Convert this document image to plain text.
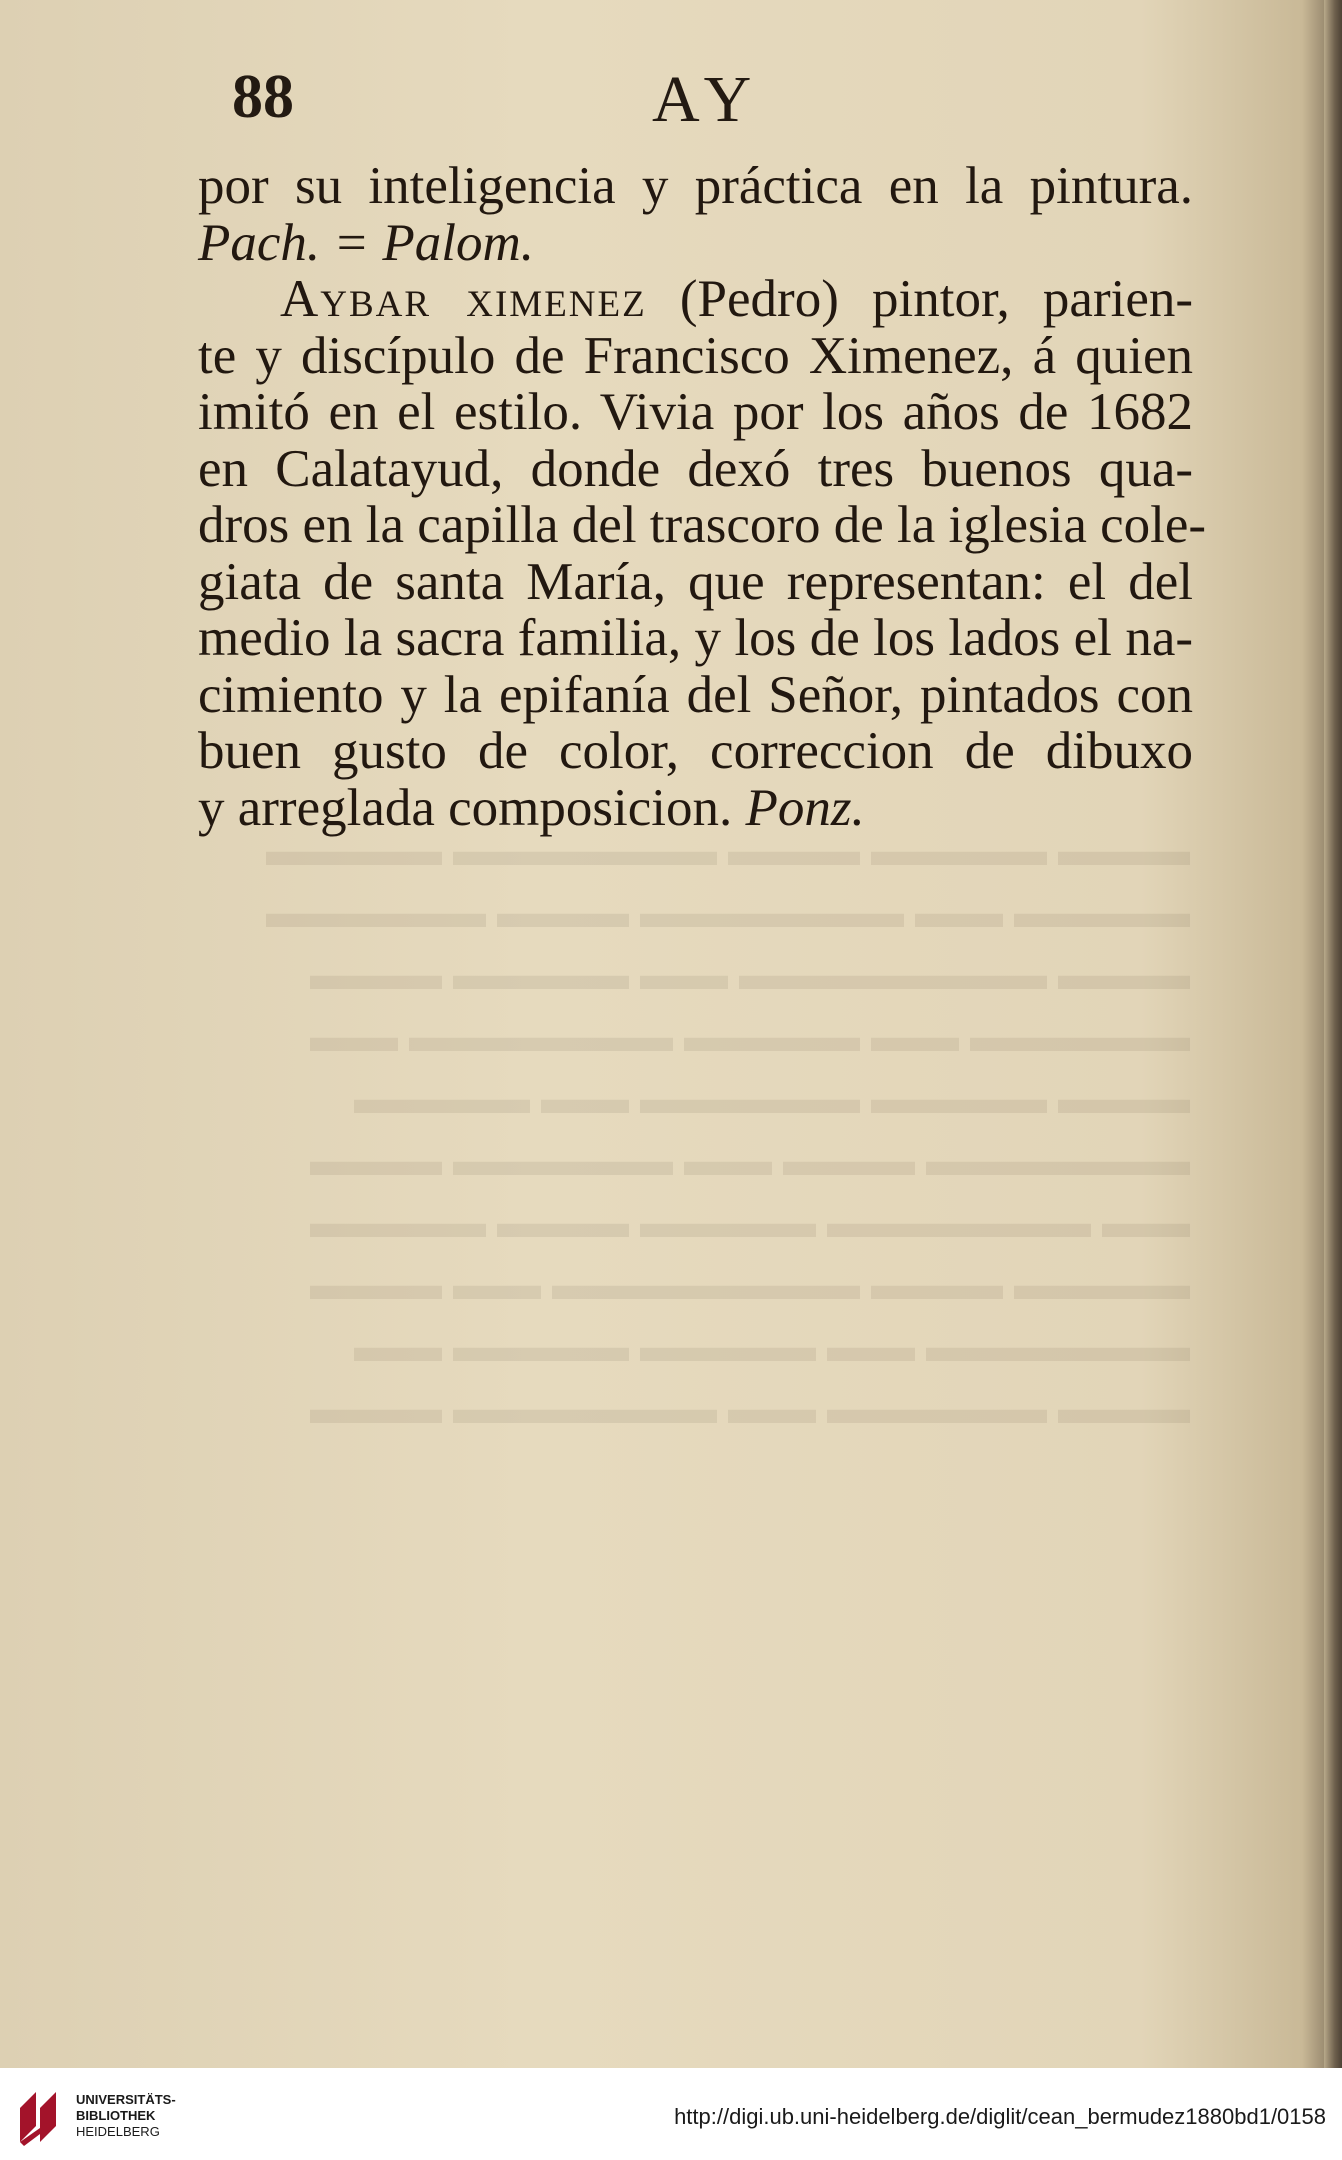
▬▬▬ ▬▬▬▬ ▬▬▬ ▬▬▬▬▬▬ ▬▬▬▬
▬▬▬▬ ▬▬ ▬▬▬▬▬▬ ▬▬▬ ▬▬▬▬▬
▬▬▬ ▬▬▬▬▬▬▬ ▬▬ ▬▬▬▬ ▬▬▬
▬▬▬▬▬ ▬▬ ▬▬▬▬ ▬▬▬▬▬▬ ▬▬
▬▬▬ ▬▬▬▬ ▬▬▬▬▬ ▬▬ ▬▬▬▬
▬▬▬▬▬▬ ▬▬▬ ▬▬ ▬▬▬▬▬ ▬▬▬
▬▬ ▬▬▬▬▬▬ ▬▬▬▬ ▬▬▬ ▬▬▬▬
▬▬▬▬ ▬▬▬ ▬▬▬▬▬▬▬ ▬▬ ▬▬▬
▬▬▬▬▬▬ ▬▬ ▬▬▬▬ ▬▬▬▬ ▬▬
▬▬▬ ▬▬▬▬▬ ▬▬ ▬▬▬▬▬▬ ▬▬▬
88	AY
por su inteligencia y práctica en la pintura.
Pach. = Palom.
Aybar ximenez (Pedro) pintor, parien-
te y discípulo de Francisco Ximenez, á quien
imitó en el estilo. Vivia por los años de 1682
en Calatayud, donde dexó tres buenos qua-
dros en la capilla del trascoro de la iglesia cole-
giata de santa María, que representan: el del
medio la sacra familia, y los de los lados el na-
cimiento y la epifanía del Señor, pintados con
buen gusto de color, correccion de dibuxo
y arreglada composicion. Ponz.
UNIVERSITÄTS-
BIBLIOTHEK
HEIDELBERG
http://digi.ub.uni-heidelberg.de/diglit/cean_bermudez1880bd1/0158
